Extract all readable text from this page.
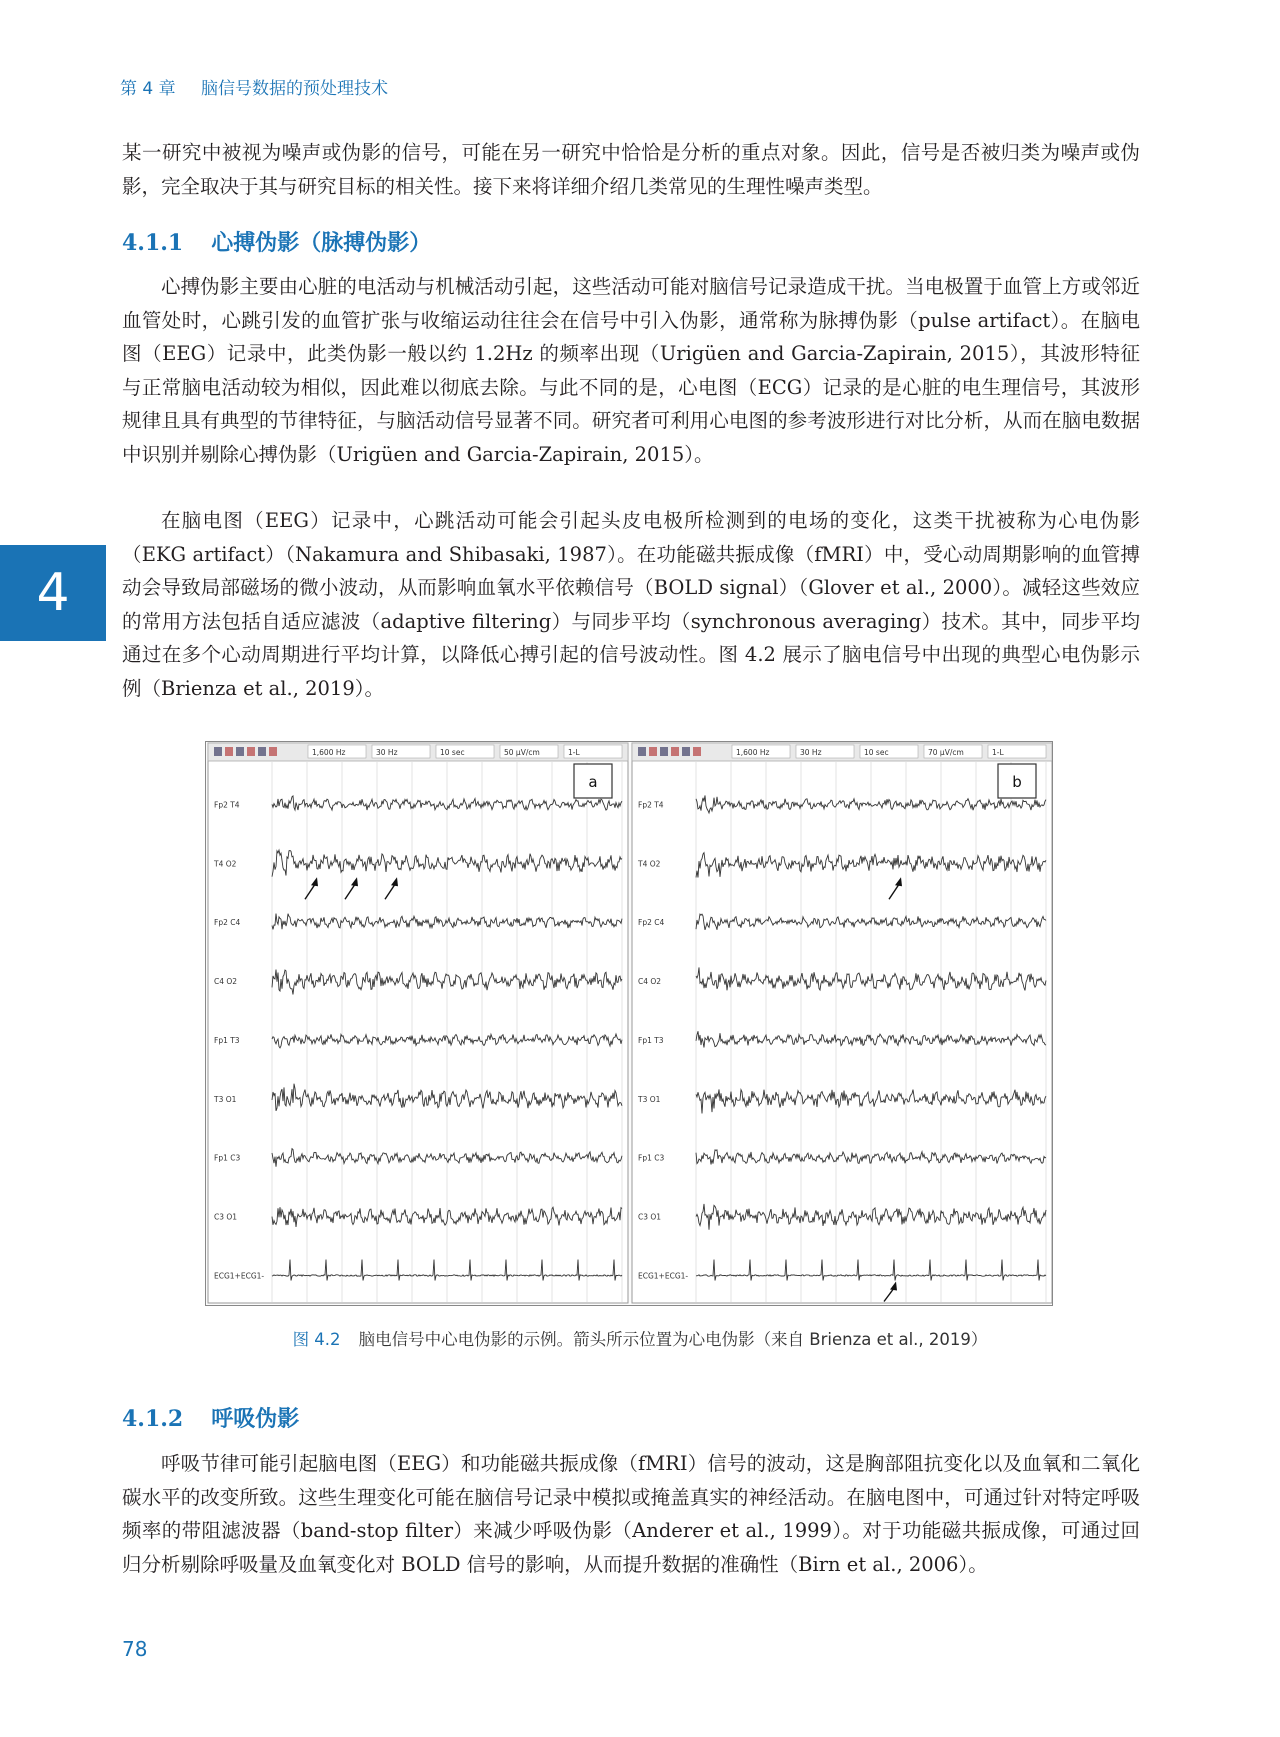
第 4 章 脑信号数据的预处理技术

某一研究中被视为噪声或伪影的信号，可能在另一研究中恰恰是分析的重点对象。因此，信号是否被归类为噪声或伪影，完全取决于其与研究目标的相关性。接下来将详细介绍几类常见的生理性噪声类型。

4.1.1 心搏伪影（脉搏伪影）

心搏伪影主要由心脏的电活动与机械活动引起，这些活动可能对脑信号记录造成干扰。当电极置于血管上方或邻近血管处时，心跳引发的血管扩张与收缩运动往往会在信号中引入伪影，通常称为脉搏伪影（pulse artifact）。在脑电图（EEG）记录中，此类伪影一般以约 1.2Hz 的频率出现（Urigüen and Garcia-Zapirain, 2015），其波形特征与正常脑电活动较为相似，因此难以彻底去除。与此不同的是，心电图（ECG）记录的是心脏的电生理信号，其波形规律且具有典型的节律特征，与脑活动信号显著不同。研究者可利用心电图的参考波形进行对比分析，从而在脑电数据中识别并剔除心搏伪影（Urigüen and Garcia-Zapirain, 2015）。

在脑电图（EEG）记录中，心跳活动可能会引起头皮电极所检测到的电场的变化，这类干扰被称为心电伪影（EKG artifact）（Nakamura and Shibasaki, 1987）。在功能磁共振成像（fMRI）中，受心动周期影响的血管搏动会导致局部磁场的微小波动，从而影响血氧水平依赖信号（BOLD signal）（Glover et al., 2000）。减轻这些效应的常用方法包括自适应滤波（adaptive filtering）与同步平均（synchronous averaging）技术。其中，同步平均通过在多个心动周期进行平均计算，以降低心搏引起的信号波动性。图 4.2 展示了脑电信号中出现的典型心电伪影示例（Brienza et al., 2019）。

4
1,600 Hz	30 Hz	10 sec	50 µV/cm	1-L
a
Fp2 T4
T4 O2
Fp2 C4
C4 O2
Fp1 T3
T3 O1
Fp1 C3
C3 O1
ECG1+ECG1-
1,600 Hz	30 Hz	10 sec	70 µV/cm	1-L
b
Fp2 T4
T4 O2
Fp2 C4
C4 O2
Fp1 T3
T3 O1
Fp1 C3
C3 O1
ECG1+ECG1-
图 4.2 脑电信号中心电伪影的示例。箭头所示位置为心电伪影（来自 Brienza et al., 2019）
4.1.2 呼吸伪影

呼吸节律可能引起脑电图（EEG）和功能磁共振成像（fMRI）信号的波动，这是胸部阻抗变化以及血氧和二氧化碳水平的改变所致。这些生理变化可能在脑信号记录中模拟或掩盖真实的神经活动。在脑电图中，可通过针对特定呼吸频率的带阻滤波器（band-stop filter）来减少呼吸伪影（Anderer et al., 1999）。对于功能磁共振成像，可通过回归分析剔除呼吸量及血氧变化对 BOLD 信号的影响，从而提升数据的准确性（Birn et al., 2006）。

78
